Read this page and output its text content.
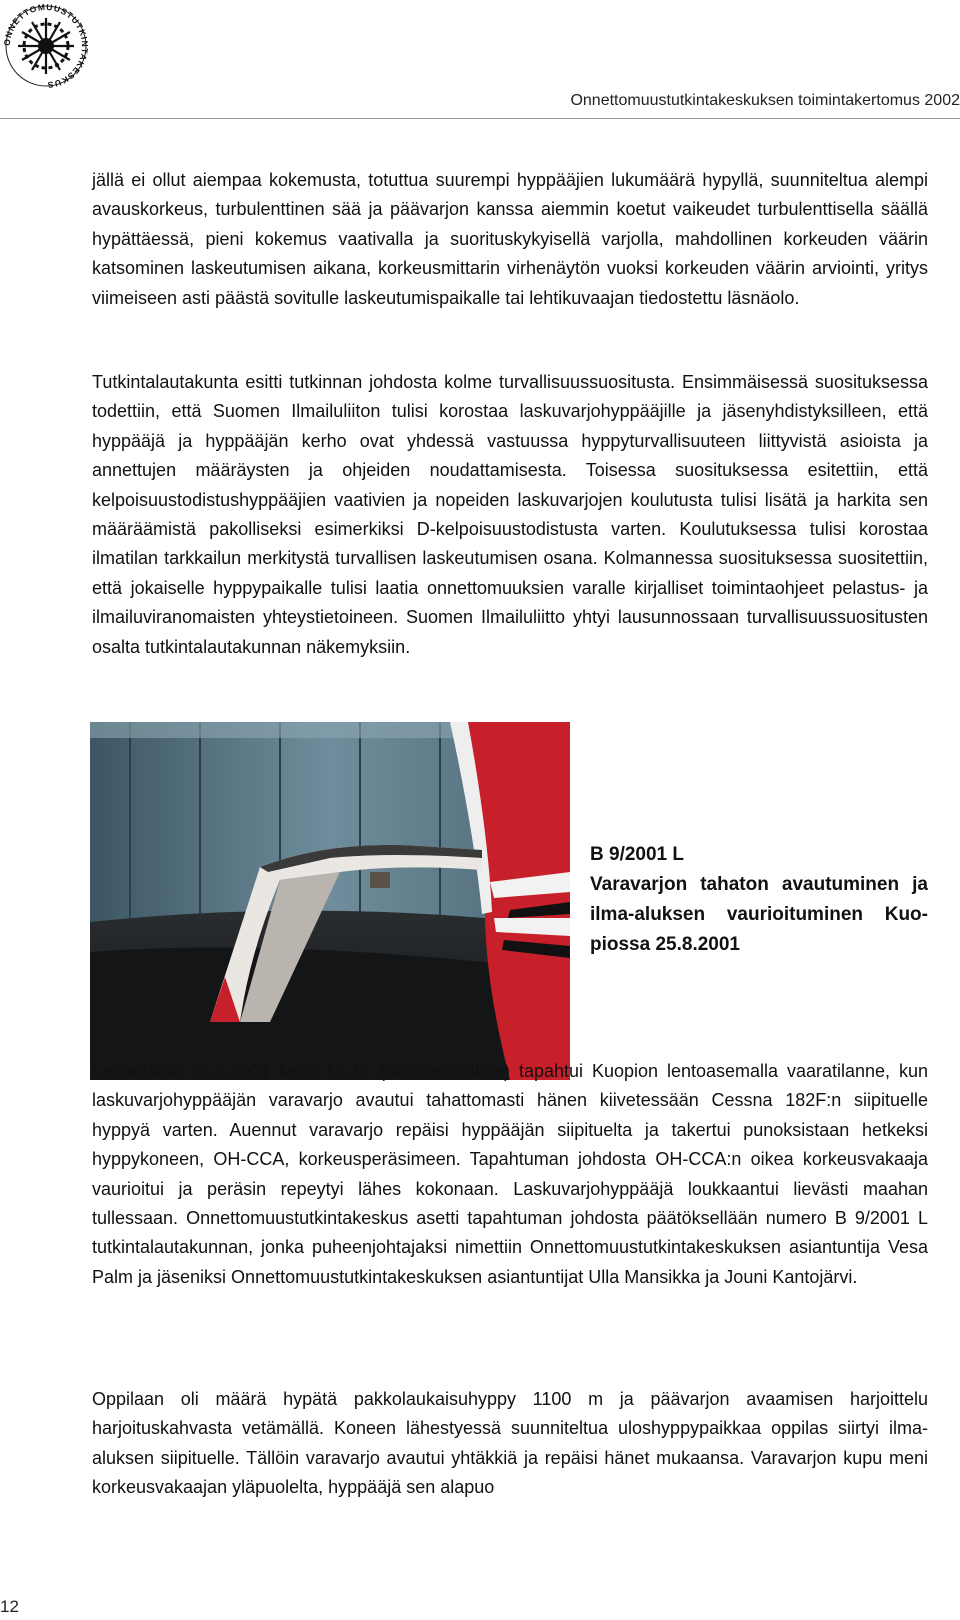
ONNETTOMUUSTUTKINTAKESKUS
Onnettomuustutkintakeskuksen toimintakertomus 2002

jällä ei ollut aiempaa kokemusta, totuttua suurempi hyppääjien lukumäärä hypyllä, suunniteltua alempi avauskorkeus, turbulenttinen sää ja päävarjon kanssa aiemmin koetut vaikeudet turbulenttisella säällä hypättäessä, pieni kokemus vaativalla ja suorituskykyisellä varjolla, mahdollinen korkeuden väärin katsominen laskeutumisen aikana, korkeusmittarin virhenäytön vuoksi korkeuden väärin arviointi, yritys viimeiseen asti päästä sovitulle laskeutumispaikalle tai lehtikuvaajan tiedostettu läsnäolo.

Tutkintalautakunta esitti tutkinnan johdosta kolme turvallisuussuositusta. Ensimmäisessä suosituksessa todettiin, että Suomen Ilmailuliiton tulisi korostaa laskuvarjohyppääjille ja jäsenyhdistyksilleen, että hyppääjä ja hyppääjän kerho ovat yhdessä vastuussa hyppyturvallisuuteen liittyvistä asioista ja annettujen määräysten ja ohjeiden noudattamisesta. Toisessa suosituksessa esitettiin, että kelpoisuustodistushyppääjien vaativien ja nopeiden laskuvarjojen koulutusta tulisi lisätä ja harkita sen määräämistä pakolliseksi esimerkiksi D-kelpoisuustodistusta varten. Koulutuksessa tulisi korostaa ilmatilan tarkkailun merkitystä turvallisen laskeutumisen osana. Kolmannessa suosituksessa suositettiin, että jokaiselle hyppypaikalle tulisi laatia onnettomuuksien varalle kirjalliset toimintaohjeet pelastus- ja ilmailuviranomaisten yhteystietoineen. Suomen Ilmailuliitto yhtyi lausunnossaan turvallisuussuositusten osalta tutkintalautakunnan näkemyksiin.

B 9/2001 L
Varavarjon tahaton avautuminen ja ilma-aluksen vaurioituminen Kuopiossa 25.8.2001

Lauantaina 25.8.2001 kello 18.12 (Suomen aikaa) tapahtui Kuopion lentoasemalla vaaratilanne, kun laskuvarjohyppääjän varavarjo avautui tahattomasti hänen kiivetessään Cessna 182F:n siipituelle hyppyä varten. Auennut varavarjo repäisi hyppääjän siipituelta ja takertui punoksistaan hetkeksi hyppykoneen, OH-CCA, korkeusperäsimeen. Tapahtuman johdosta OH-CCA:n oikea korkeusvakaaja vaurioitui ja peräsin repeytyi lähes kokonaan. Laskuvarjohyppääjä loukkaantui lievästi maahan tullessaan. Onnettomuustutkintakeskus asetti tapahtuman johdosta päätöksellään numero B 9/2001 L tutkintalautakunnan, jonka puheenjohtajaksi nimettiin Onnettomuustutkintakeskuksen asiantuntija Vesa Palm ja jäseniksi Onnettomuustutkintakeskuksen asiantuntijat Ulla Mansikka ja Jouni Kantojärvi.

Oppilaan oli määrä hypätä pakkolaukaisuhyppy 1100 m ja päävarjon avaamisen harjoittelu harjoituskahvasta vetämällä. Koneen lähestyessä suunniteltua uloshyppypaikkaa oppilas siirtyi ilma-aluksen siipituelle. Tällöin varavarjo avautui yhtäkkiä ja repäisi hänet mukaansa. Varavarjon kupu meni korkeusvakaajan yläpuolelta, hyppääjä sen alapuo

12
